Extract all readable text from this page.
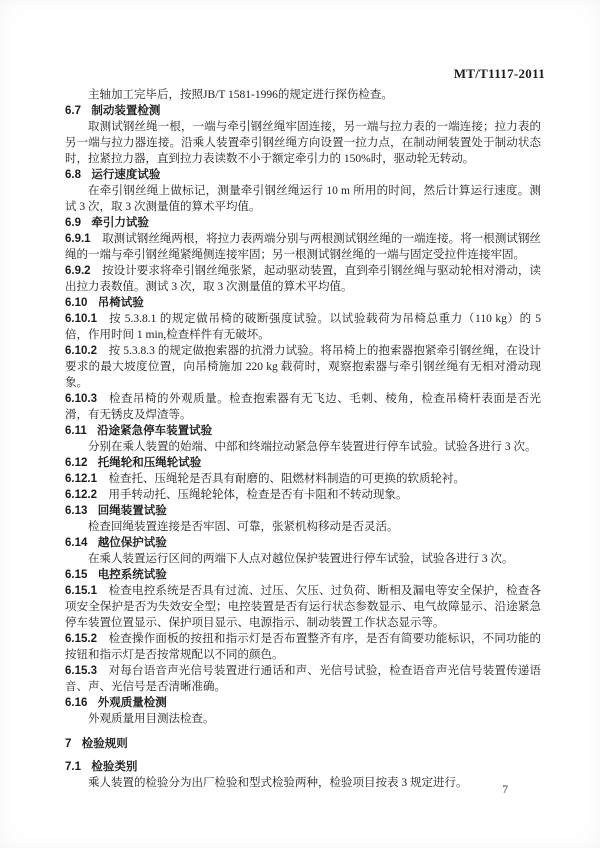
MT/T1117-2011

主轴加工完毕后，按照JB/T 1581-1996的规定进行探伤检查。

6.7 制动装置检测

取测试钢丝绳一根，一端与牵引钢丝绳牢固连接，另一端与拉力表的一端连接；拉力表的另一端与拉力器连接。沿乘人装置牵引钢丝绳方向设置一拉力点，在制动闸装置处于制动状态时，拉紧拉力器，直到拉力表读数不小于额定牵引力的 150%时，驱动轮无转动。

6.8 运行速度试验

在牵引钢丝绳上做标记，测量牵引钢丝绳运行 10 m 所用的时间，然后计算运行速度。测试 3 次，取 3 次测量值的算术平均值。

6.9 牵引力试验

6.9.1 取测试钢丝绳两根，将拉力表两端分别与两根测试钢丝绳的一端连接。将一根测试钢丝绳的一端与牵引钢丝绳紧绳侧连接牢固；另一根测试钢丝绳的一端与固定受拉件连接牢固。

6.9.2 按设计要求将牵引钢丝绳张紧，起动驱动装置，直到牵引钢丝绳与驱动轮相对滑动，读出拉力表数值。测试 3 次，取 3 次测量值的算术平均值。

6.10 吊椅试验

6.10.1 按 5.3.8.1 的规定做吊椅的破断强度试验。以试验载荷为吊椅总重力（110 kg）的 5 倍，作用时间 1 min,检查样件有无破坏。

6.10.2 按 5.3.8.3 的规定做抱索器的抗滑力试验。将吊椅上的抱索器抱紧牵引钢丝绳，在设计要求的最大坡度位置，向吊椅施加 220 kg 载荷时，观察抱索器与牵引钢丝绳有无相对滑动现象。

6.10.3 检查吊椅的外观质量。检查抱索器有无飞边、毛刺、棱角，检查吊椅杆表面是否光滑，有无锈皮及焊渣等。

6.11 沿途紧急停车装置试验

分别在乘人装置的始端、中部和终端拉动紧急停车装置进行停车试验。试验各进行 3 次。

6.12 托绳轮和压绳轮试验

6.12.1 检查托、压绳轮是否具有耐磨的、阻燃材料制造的可更换的软质轮衬。

6.12.2 用手转动托、压绳轮轮体，检查是否有卡阻和不转动现象。

6.13 回绳装置试验

检查回绳装置连接是否牢固、可靠，张紧机构移动是否灵活。

6.14 越位保护试验

在乘人装置运行区间的两端下人点对越位保护装置进行停车试验，试验各进行 3 次。

6.15 电控系统试验

6.15.1 检查电控系统是否具有过流、过压、欠压、过负荷、断相及漏电等安全保护，检查各项安全保护是否为失效安全型；电控装置是否有运行状态参数显示、电气故障显示、沿途紧急停车装置位置显示、保护项目显示、电源指示、制动装置工作状态显示等。

6.15.2 检查操作面板的按扭和指示灯是否布置整齐有序，是否有简要功能标识，不同功能的按钮和指示灯是否按常规配以不同的颜色。

6.15.3 对每台语音声光信号装置进行通话和声、光信号试验，检查语音声光信号装置传递语音、声、光信号是否清晰准确。

6.16 外观质量检测

外观质量用目测法检查。

7 检验规则

7.1 检验类别

乘人装置的检验分为出厂检验和型式检验两种，检验项目按表 3 规定进行。

7
